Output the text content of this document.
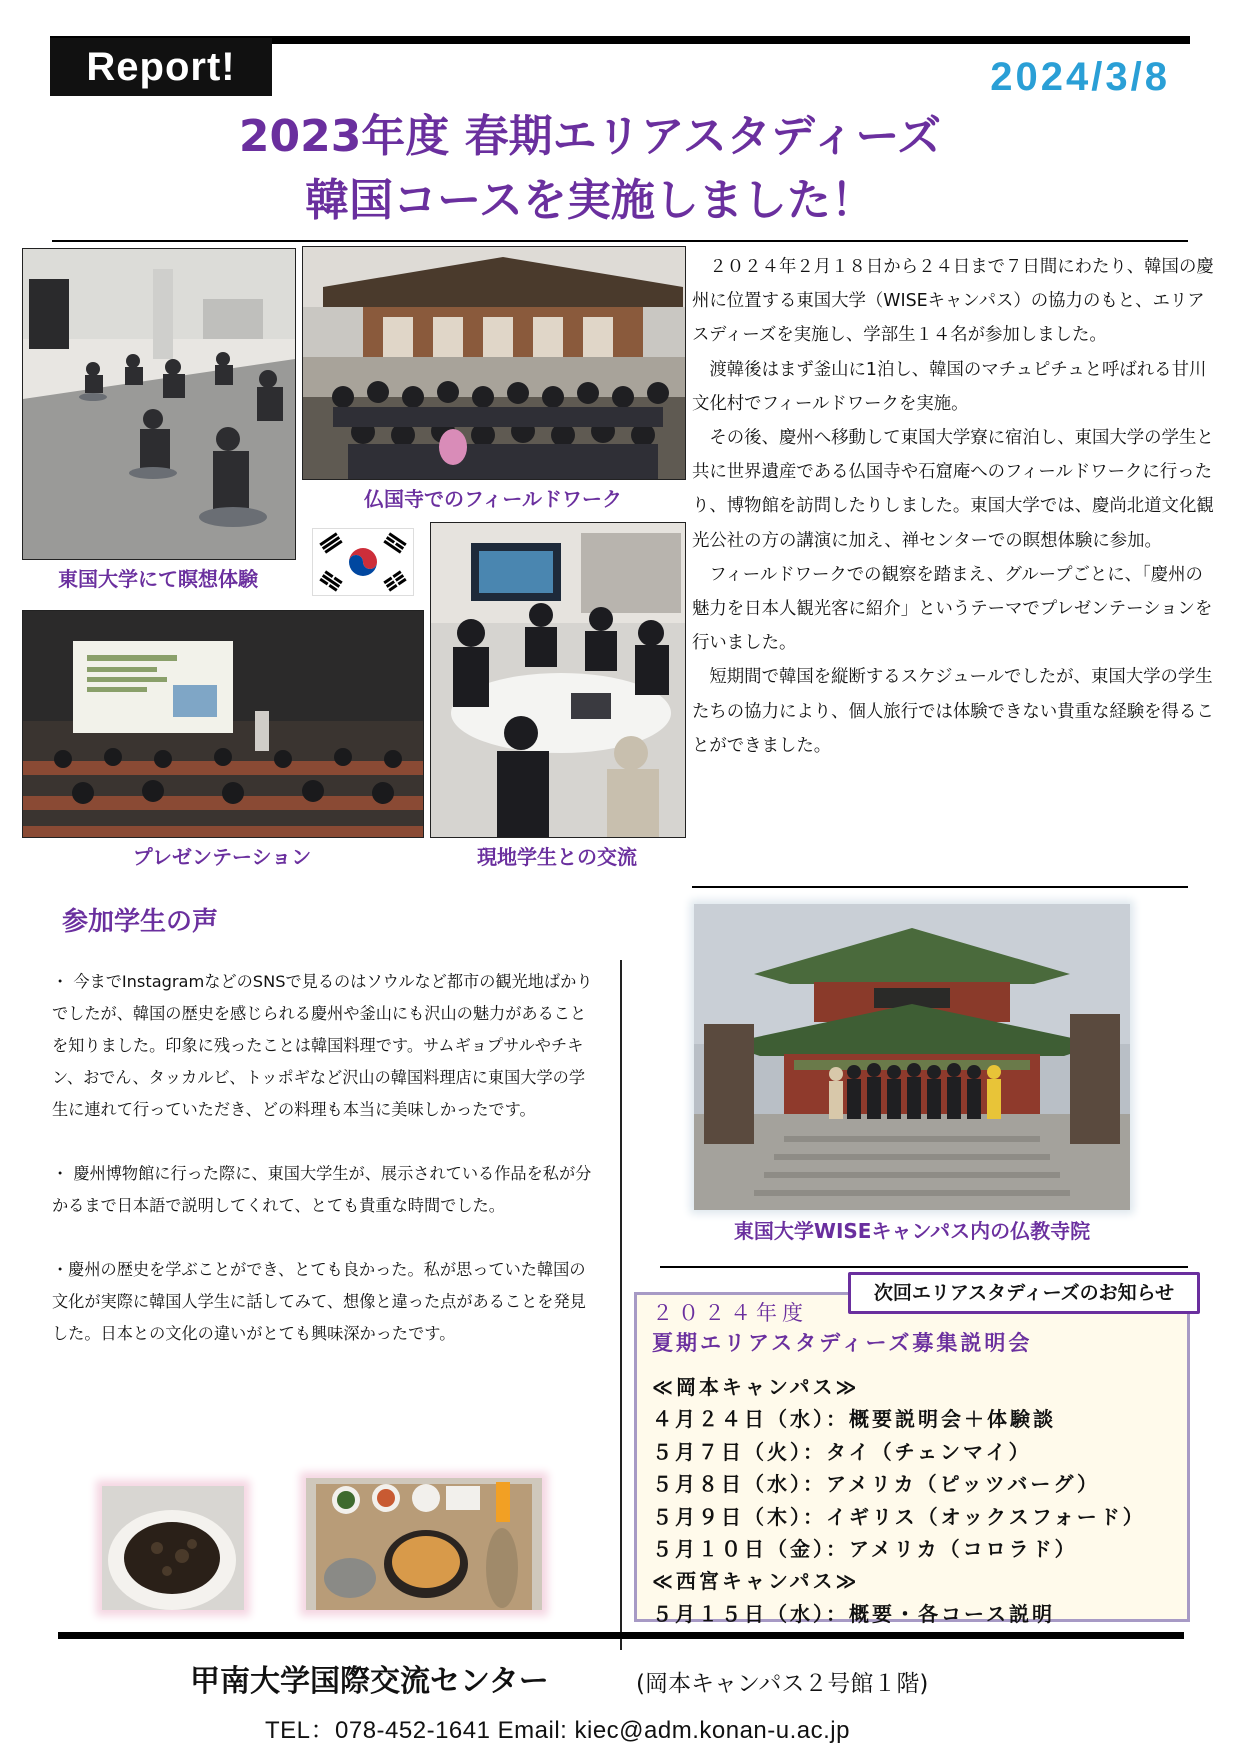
Report!	2024/3/8
2023年度 春期エリアスタディーズ
韓国コースを実施しました！
東国大学にて瞑想体験
仏国寺でのフィールドワーク
プレゼンテーション	現地学生との交流

２０２４年２月１８日から２４日まで７日間にわたり、韓国の慶州に位置する東国大学（WISEキャンパス）の協力のもと、エリアスディーズを実施し、学部生１４名が参加しました。

渡韓後はまず釜山に1泊し、韓国のマチュピチュと呼ばれる甘川文化村でフィールドワークを実施。

その後、慶州へ移動して東国大学寮に宿泊し、東国大学の学生と共に世界遺産である仏国寺や石窟庵へのフィールドワークに行ったり、博物館を訪問したりしました。東国大学では、慶尚北道文化観光公社の方の講演に加え、禅センターでの瞑想体験に参加。

フィールドワークでの観察を踏まえ、グループごとに、「慶州の魅力を日本人観光客に紹介」というテーマでプレゼンテーションを行いました。

短期間で韓国を縦断するスケジュールでしたが、東国大学の学生たちの協力により、個人旅行では体験できない貴重な経験を得ることができました。

参加学生の声

・ 今までInstagramなどのSNSで見るのはソウルなど都市の観光地ばかりでしたが、韓国の歴史を感じられる慶州や釜山にも沢山の魅力があることを知りました。印象に残ったことは韓国料理です。サムギョプサルやチキン、おでん、タッカルビ、トッポギなど沢山の韓国料理店に東国大学の学生に連れて行っていただき、どの料理も本当に美味しかったです。

・ 慶州博物館に行った際に、東国大学生が、展示されている作品を私が分かるまで日本語で説明してくれて、とても貴重な時間でした。

・慶州の歴史を学ぶことができ、とても良かった。私が思っていた韓国の文化が実際に韓国人学生に話してみて、想像と違った点があることを発見した。日本との文化の違いがとても興味深かったです。

東国大学WISEキャンパス内の仏教寺院
次回エリアスタディーズのお知らせ
２０２４年度
夏期エリアスタディーズ募集説明会
≪岡本キャンパス≫
４月２４日（水）：概要説明会＋体験談
５月７日（火）：タイ（チェンマイ）
５月８日（水）：アメリカ（ピッツバーグ）
５月９日（木）：イギリス（オックスフォード）
５月１０日（金）：アメリカ（コロラド）
≪西宮キャンパス≫
５月１５日（水）：概要・各コース説明
甲南大学国際交流センター	(岡本キャンパス２号館１階)
TEL：078-452-1641 Email: kiec@adm.konan-u.ac.jp
